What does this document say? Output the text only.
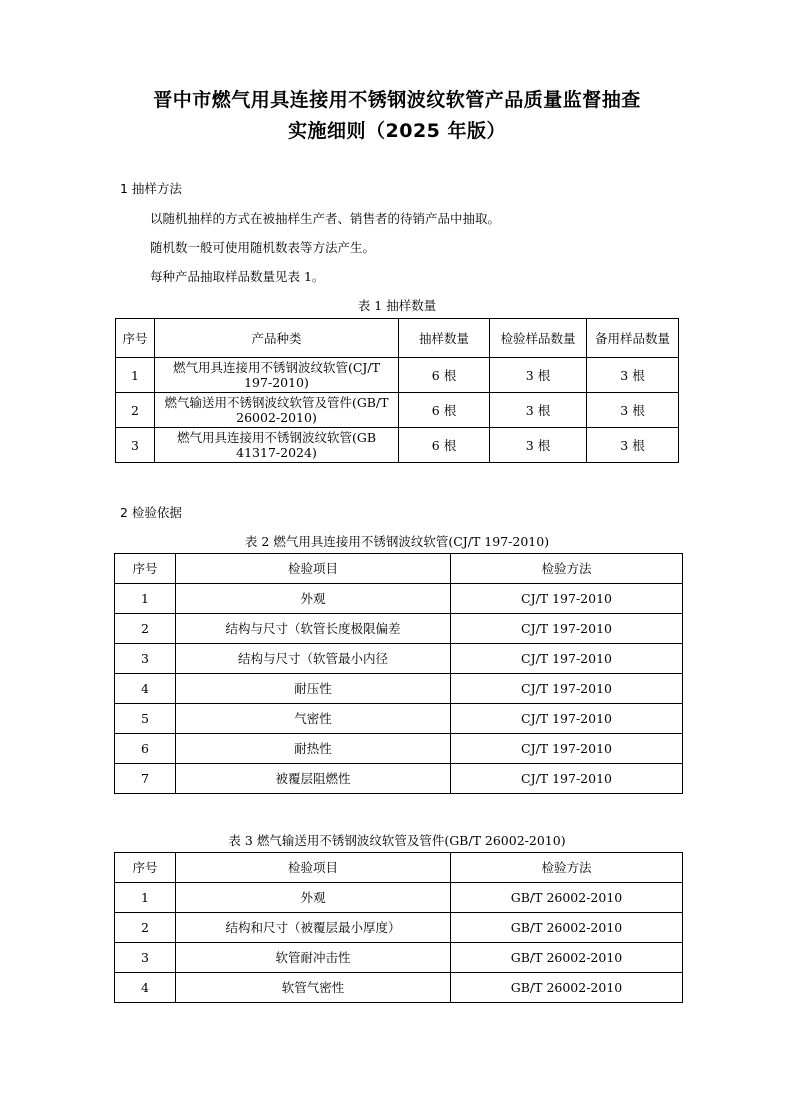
晋中市燃气用具连接用不锈钢波纹软管产品质量监督抽查
实施细则（2025 年版）
1 抽样方法
以随机抽样的方式在被抽样生产者、销售者的待销产品中抽取。
随机数一般可使用随机数表等方法产生。
每种产品抽取样品数量见表 1。
表 1 抽样数量
序号	产品种类	抽样数量	检验样品数量	备用样品数量
1	燃气用具连接用不锈钢波纹软管(CJ/T 197-2010)	6 根	3 根	3 根
2	燃气输送用不锈钢波纹软管及管件(GB/T 26002-2010)	6 根	3 根	3 根
3	燃气用具连接用不锈钢波纹软管(GB 41317-2024)	6 根	3 根	3 根
2 检验依据
表 2 燃气用具连接用不锈钢波纹软管(CJ/T 197-2010)
序号	检验项目	检验方法
1	外观	CJ/T 197-2010
2	结构与尺寸（软管长度极限偏差	CJ/T 197-2010
3	结构与尺寸（软管最小内径	CJ/T 197-2010
4	耐压性	CJ/T 197-2010
5	气密性	CJ/T 197-2010
6	耐热性	CJ/T 197-2010
7	被覆层阻燃性	CJ/T 197-2010
表 3 燃气输送用不锈钢波纹软管及管件(GB/T 26002-2010)
序号	检验项目	检验方法
1	外观	GB/T 26002-2010
2	结构和尺寸（被覆层最小厚度）	GB/T 26002-2010
3	软管耐冲击性	GB/T 26002-2010
4	软管气密性	GB/T 26002-2010
